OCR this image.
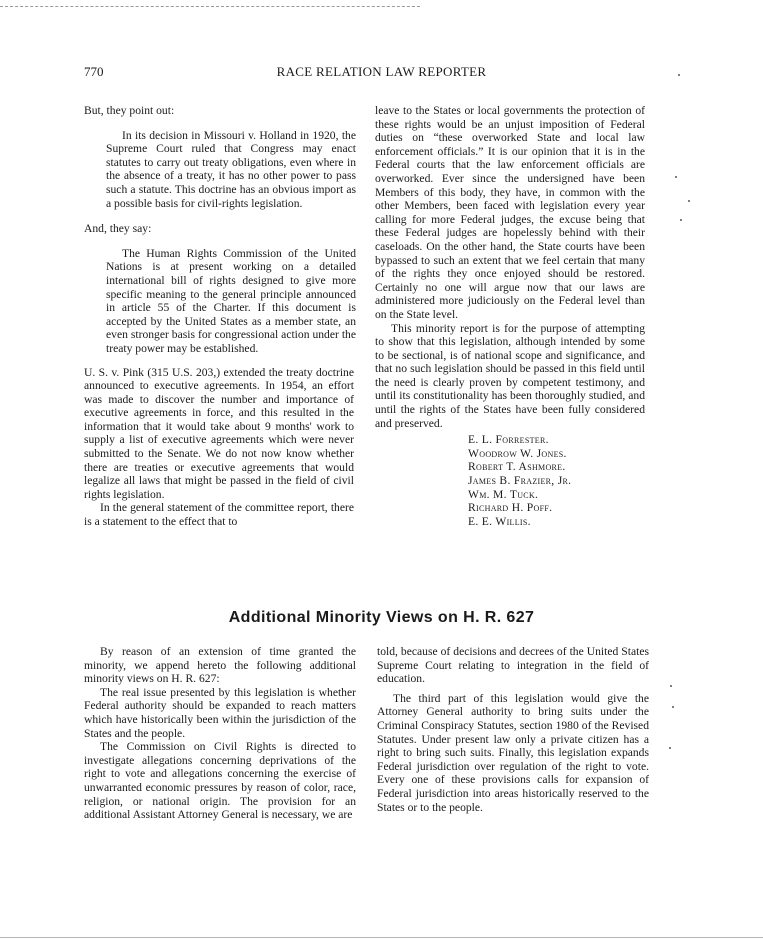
770	RACE RELATION LAW REPORTER

But, they point out:

In its decision in Missouri v. Holland in 1920, the Supreme Court ruled that Congress may enact statutes to carry out treaty obligations, even where in the absence of a treaty, it has no other power to pass such a statute. This doctrine has an obvious import as a possible basis for civil-rights legislation.

And, they say:

The Human Rights Commission of the United Nations is at present working on a detailed international bill of rights designed to give more specific meaning to the general principle announced in article 55 of the Charter. If this document is accepted by the United States as a member state, an even stronger basis for congressional action under the treaty power may be established.

U. S. v. Pink (315 U.S. 203,) extended the treaty doctrine announced to executive agreements. In 1954, an effort was made to discover the number and importance of executive agreements in force, and this resulted in the information that it would take about 9 months' work to supply a list of executive agreements which were never submitted to the Senate. We do not now know whether there are treaties or executive agreements that would legalize all laws that might be passed in the field of civil rights legislation.

In the general statement of the committee report, there is a statement to the effect that to

leave to the States or local governments the protection of these rights would be an unjust imposition of Federal duties on “these overworked State and local law enforcement officials.” It is our opinion that it is in the Federal courts that the law enforcement officials are overworked. Ever since the undersigned have been Members of this body, they have, in common with the other Members, been faced with legislation every year calling for more Federal judges, the excuse being that these Federal judges are hopelessly behind with their caseloads. On the other hand, the State courts have been bypassed to such an extent that we feel certain that many of the rights they once enjoyed should be restored. Certainly no one will argue now that our laws are administered more judiciously on the Federal level than on the State level.

This minority report is for the purpose of attempting to show that this legislation, although intended by some to be sectional, is of national scope and significance, and that no such legislation should be passed in this field until the need is clearly proven by competent testimony, and until its constitutionality has been thoroughly studied, and until the rights of the States have been fully considered and preserved.

E. L. Forrester.
Woodrow W. Jones.
Robert T. Ashmore.
James B. Frazier, Jr.
Wm. M. Tuck.
Richard H. Poff.
E. E. Willis.
Additional Minority Views on H. R. 627

By reason of an extension of time granted the minority, we append hereto the following additional minority views on H. R. 627:

The real issue presented by this legislation is whether Federal authority should be expanded to reach matters which have historically been within the jurisdiction of the States and the people.

The Commission on Civil Rights is directed to investigate allegations concerning deprivations of the right to vote and allegations concerning the exercise of unwarranted economic pressures by reason of color, race, religion, or national origin. The provision for an additional Assistant Attorney General is necessary, we are

told, because of decisions and decrees of the United States Supreme Court relating to integration in the field of education.

The third part of this legislation would give the Attorney General authority to bring suits under the Criminal Conspiracy Statutes, section 1980 of the Revised Statutes. Under present law only a private citizen has a right to bring such suits. Finally, this legislation expands Federal jurisdiction over regulation of the right to vote. Every one of these provisions calls for expansion of Federal jurisdiction into areas historically reserved to the States or to the people.
